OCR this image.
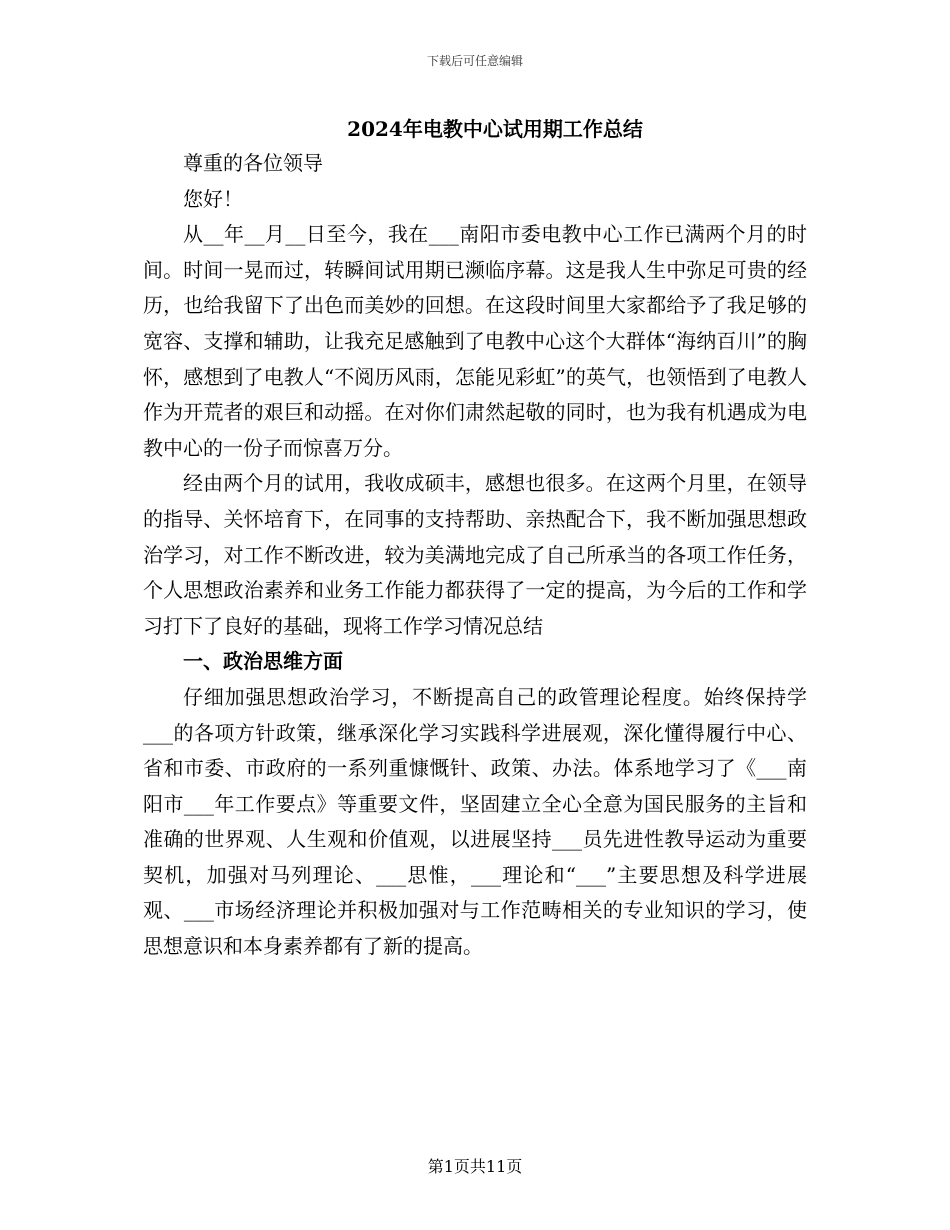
下载后可任意编辑
2024年电教中心试用期工作总结

尊重的各位领导

您好！

从__年__月__日至今，我在___南阳市委电教中心工作已满两个月的时间。时间一晃而过，转瞬间试用期已濒临序幕。这是我人生中弥足可贵的经历，也给我留下了出色而美妙的回想。在这段时间里大家都给予了我足够的宽容、支撑和辅助，让我充足感触到了电教中心这个大群体“海纳百川”的胸怀，感想到了电教人“不阅历风雨，怎能见彩虹”的英气，也领悟到了电教人作为开荒者的艰巨和动摇。在对你们肃然起敬的同时，也为我有机遇成为电教中心的一份子而惊喜万分。

经由两个月的试用，我收成硕丰，感想也很多。在这两个月里，在领导的指导、关怀培育下，在同事的支持帮助、亲热配合下，我不断加强思想政治学习，对工作不断改进，较为美满地完成了自己所承当的各项工作任务，个人思想政治素养和业务工作能力都获得了一定的提高，为今后的工作和学习打下了良好的基础，现将工作学习情况总结

一、政治思维方面

仔细加强思想政治学习，不断提高自己的政管理论程度。始终保持学___的各项方针政策，继承深化学习实践科学进展观，深化懂得履行中心、省和市委、市政府的一系列重慷慨针、政策、办法。体系地学习了《___南阳市___年工作要点》等重要文件，坚固建立全心全意为国民服务的主旨和准确的世界观、人生观和价值观，以进展坚持___员先进性教导运动为重要契机，加强对马列理论、___思惟，___理论和“___”主要思想及科学进展观、___市场经济理论并积极加强对与工作范畴相关的专业知识的学习，使思想意识和本身素养都有了新的提高。

第1页共11页
